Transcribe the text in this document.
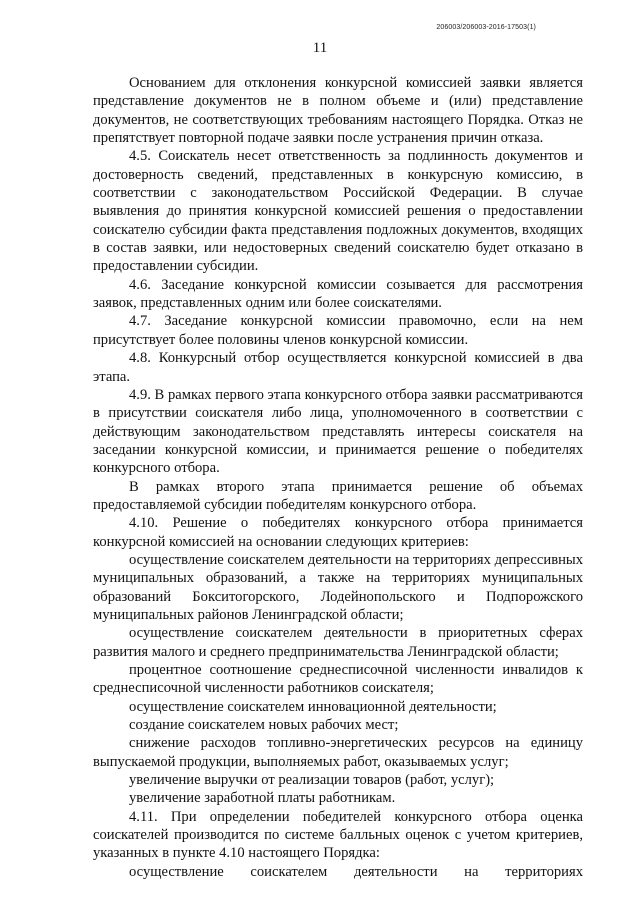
206003/206003-2016-17503(1)
11

Основанием для отклонения конкурсной комиссией заявки является представление документов не в полном объеме и (или) представление документов, не соответствующих требованиям настоящего Порядка. Отказ не препятствует повторной подаче заявки после устранения причин отказа.

4.5. Соискатель несет ответственность за подлинность документов и достоверность сведений, представленных в конкурсную комиссию, в соответствии с законодательством Российской Федерации. В случае выявления до принятия конкурсной комиссией решения о предоставлении соискателю субсидии факта представления подложных документов, входящих в состав заявки, или недостоверных сведений соискателю будет отказано в предоставлении субсидии.

4.6. Заседание конкурсной комиссии созывается для рассмотрения заявок, представленных одним или более соискателями.

4.7. Заседание конкурсной комиссии правомочно, если на нем присутствует более половины членов конкурсной комиссии.

4.8. Конкурсный отбор осуществляется конкурсной комиссией в два этапа.

4.9. В рамках первого этапа конкурсного отбора заявки рассматриваются в присутствии соискателя либо лица, уполномоченного в соответствии с действующим законодательством представлять интересы соискателя на заседании конкурсной комиссии, и принимается решение о победителях конкурсного отбора.

В рамках второго этапа принимается решение об объемах предоставляемой субсидии победителям конкурсного отбора.

4.10. Решение о победителях конкурсного отбора принимается конкурсной комиссией на основании следующих критериев:

осуществление соискателем деятельности на территориях депрессивных муниципальных образований, а также на территориях муниципальных образований Бокситогорского, Лодейнопольского и Подпорожского муниципальных районов Ленинградской области;

осуществление соискателем деятельности в приоритетных сферах развития малого и среднего предпринимательства Ленинградской области;

процентное соотношение среднесписочной численности инвалидов к среднесписочной численности работников соискателя;

осуществление соискателем инновационной деятельности;

создание соискателем новых рабочих мест;

снижение расходов топливно-энергетических ресурсов на единицу выпускаемой продукции, выполняемых работ, оказываемых услуг;

увеличение выручки от реализации товаров (работ, услуг);

увеличение заработной платы работникам.

4.11. При определении победителей конкурсного отбора оценка соискателей производится по системе балльных оценок с учетом критериев, указанных в пункте 4.10 настоящего Порядка:

осуществление соискателем деятельности на территориях
